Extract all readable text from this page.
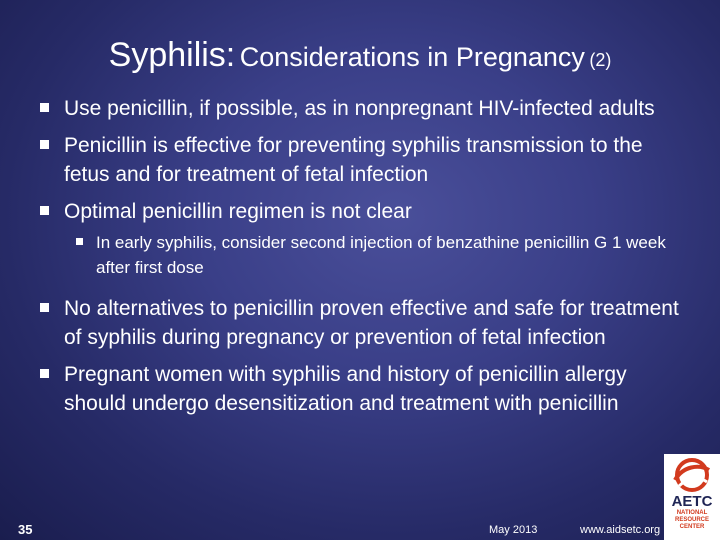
Syphilis: Considerations in Pregnancy (2)
Use penicillin, if possible, as in nonpregnant HIV-infected adults
Penicillin is effective for preventing syphilis transmission to the fetus and for treatment of fetal infection
Optimal penicillin regimen is not clear
In early syphilis, consider second injection of benzathine penicillin G 1 week after first dose
No alternatives to penicillin proven effective and safe for treatment of syphilis during pregnancy or prevention of fetal infection
Pregnant women with syphilis and history of penicillin allergy should undergo desensitization and treatment with penicillin
35	May 2013	www.aidsetc.org
AETC
NATIONAL
RESOURCE
CENTER
